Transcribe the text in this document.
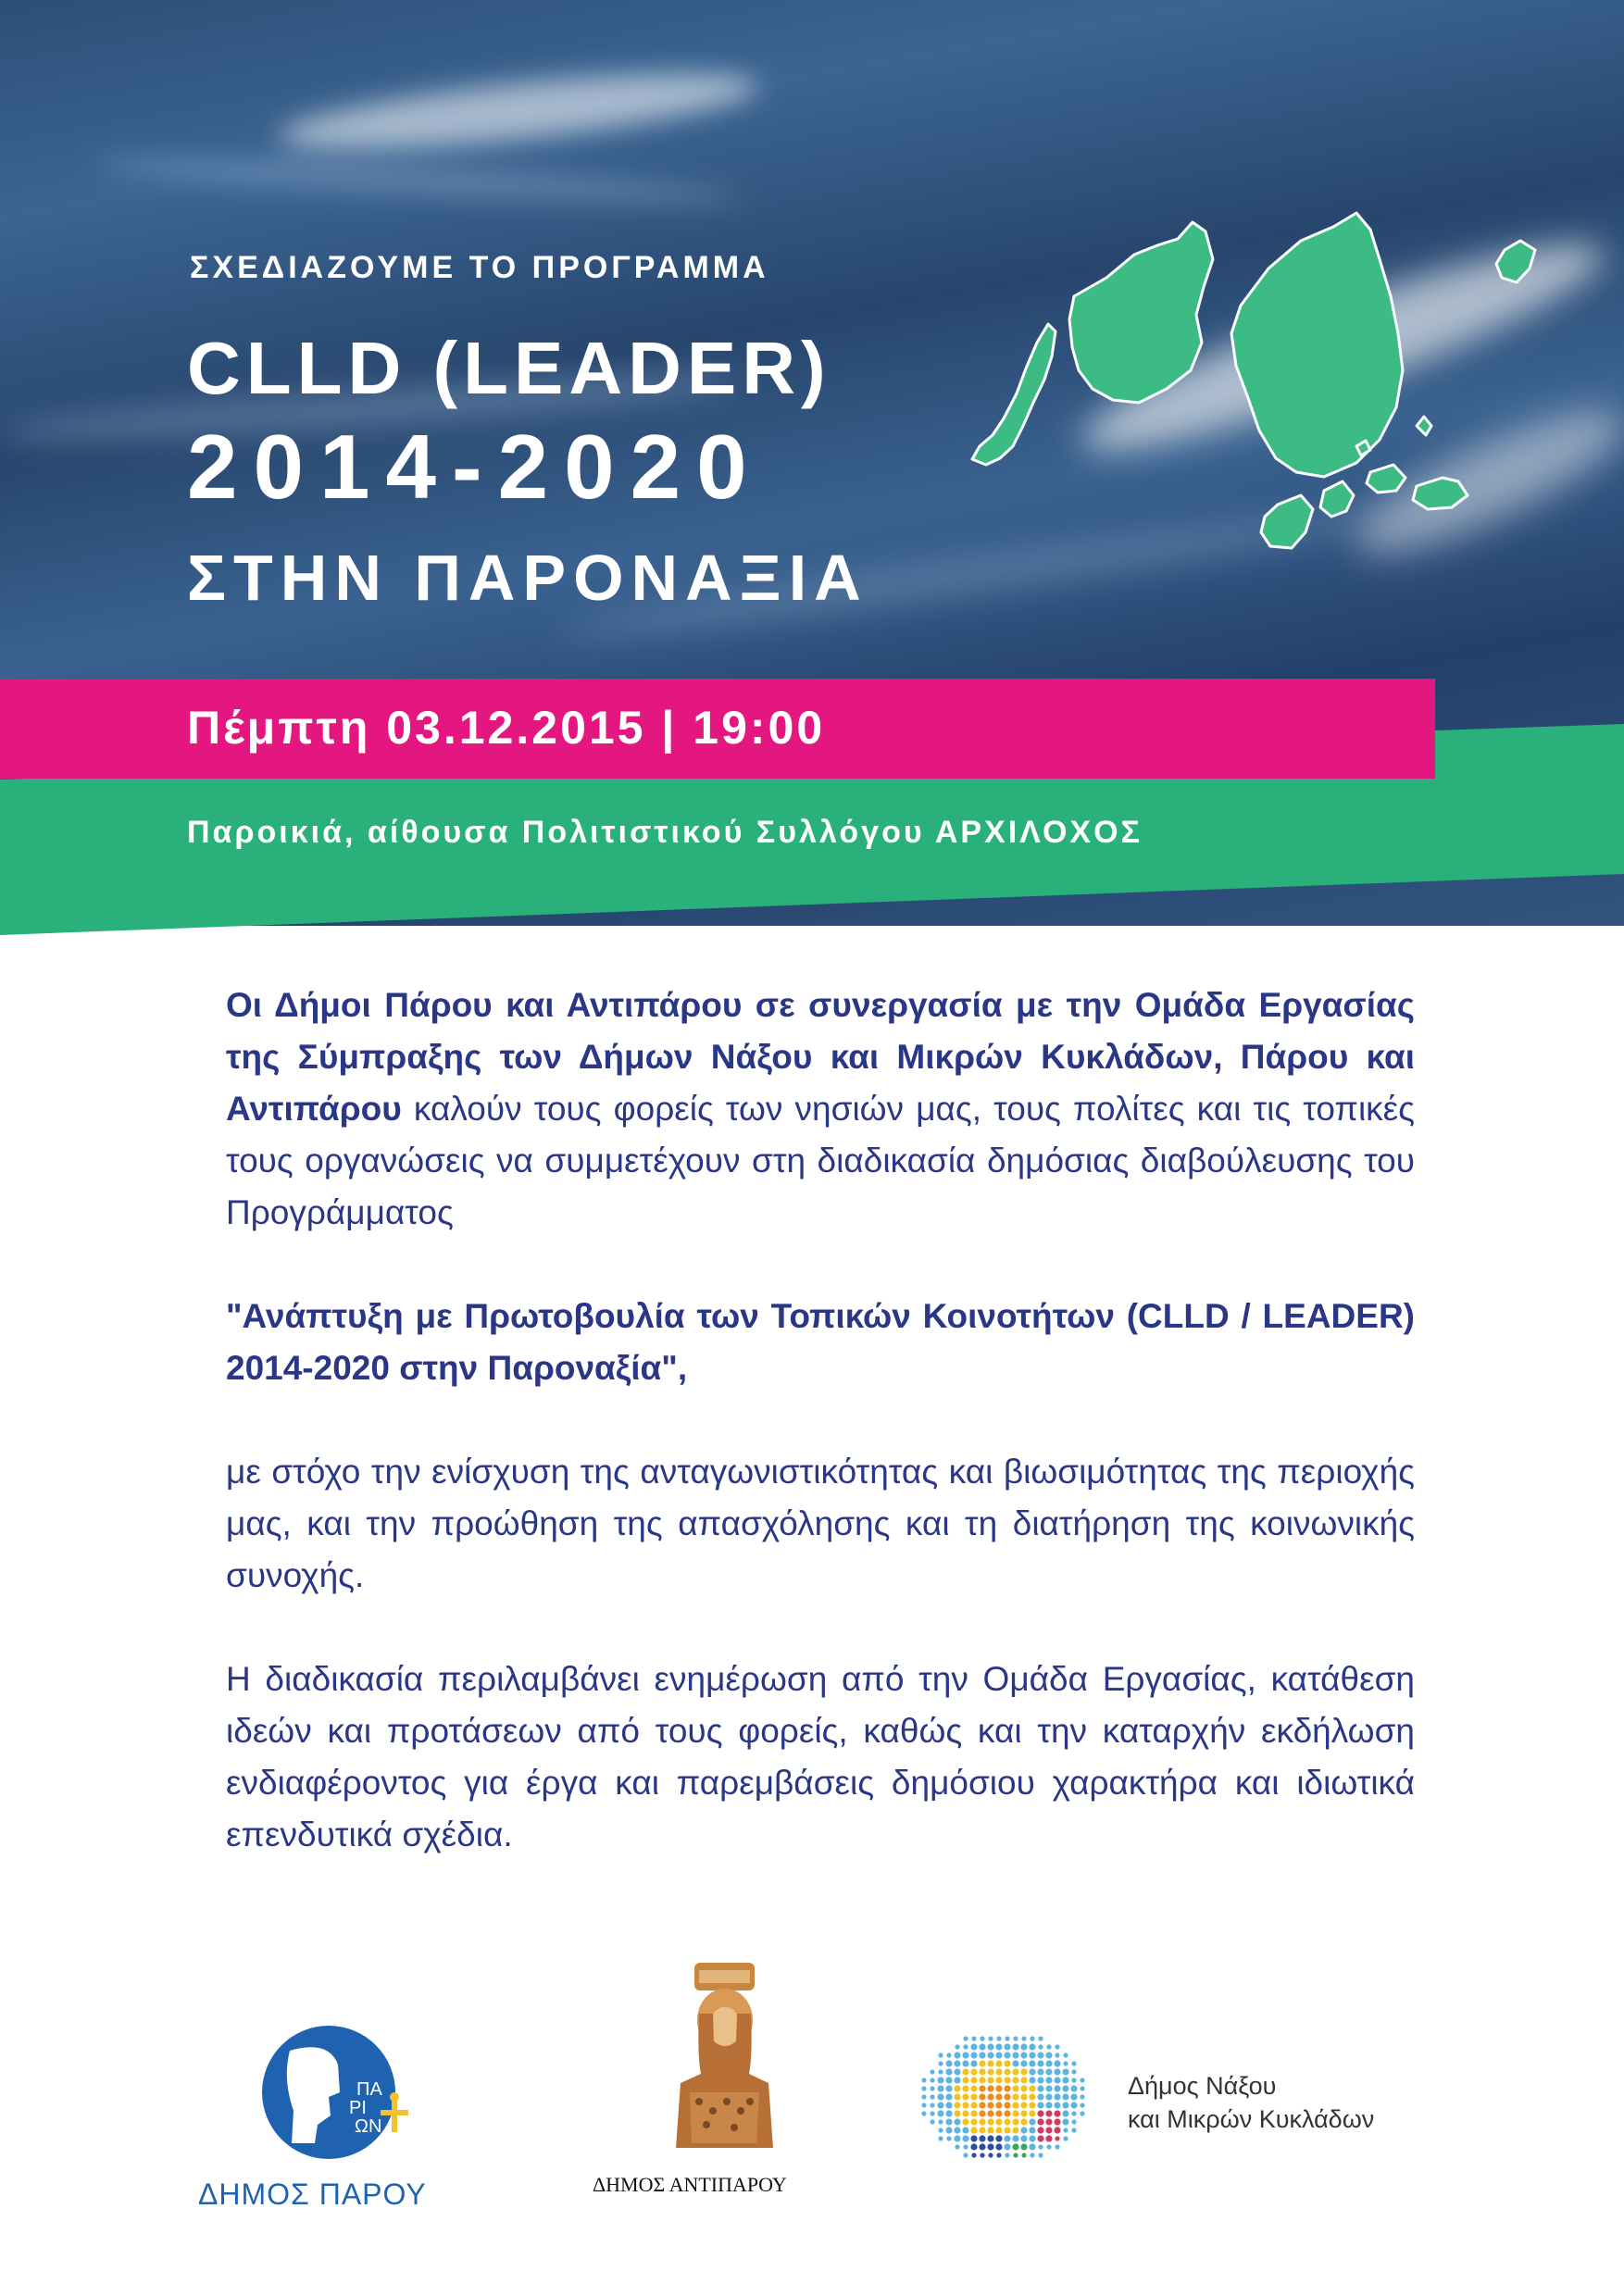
ΣΧΕΔΙΑΖΟΥΜΕ ΤΟ ΠΡΟΓΡΑΜΜΑ
CLLD (LEADER)
2014-2020
ΣΤΗΝ ΠΑΡΟΝΑΞΙΑ
Πέμπτη 03.12.2015 | 19:00
Παροικιά, αίθουσα Πολιτιστικού Συλλόγου ΑΡΧΙΛΟΧΟΣ

Οι Δήμοι Πάρου και Αντιπάρου σε συνεργασία με την Ομάδα Εργασίας της Σύμπραξης των Δήμων Νάξου και Μικρών Κυκλάδων, Πάρου και Αντιπάρου καλούν τους φορείς των νησιών μας, τους πολίτες και τις τοπικές τους οργανώσεις να συμμετέχουν στη διαδικασία δημόσιας διαβούλευσης του Προγράμματος

"Ανάπτυξη με Πρωτοβουλία των Τοπικών Κοινοτήτων (CLLD / LEADER) 2014-2020 στην Παροναξία",

με στόχο την ενίσχυση της ανταγωνιστικότητας και βιωσιμότητας της περιοχής μας, και την προώθηση της απασχόλησης και τη διατήρηση της κοινωνικής συνοχής.

Η διαδικασία περιλαμβάνει ενημέρωση από την Ομάδα Εργασίας, κατάθεση ιδεών και προτάσεων από τους φορείς, καθώς και την καταρχήν εκδήλωση ενδιαφέροντος για έργα και παρεμβάσεις δημόσιου χαρακτήρα και ιδιωτικά επενδυτικά σχέδια.

ΠΑ
ΡΙ
ΩΝ
ΔΗΜΟΣ ΠΑΡΟΥ	ΔΗΜΟΣ ΑΝΤΙΠΑΡΟΥ
Δήμος Νάξου
και Μικρών Κυκλάδων
